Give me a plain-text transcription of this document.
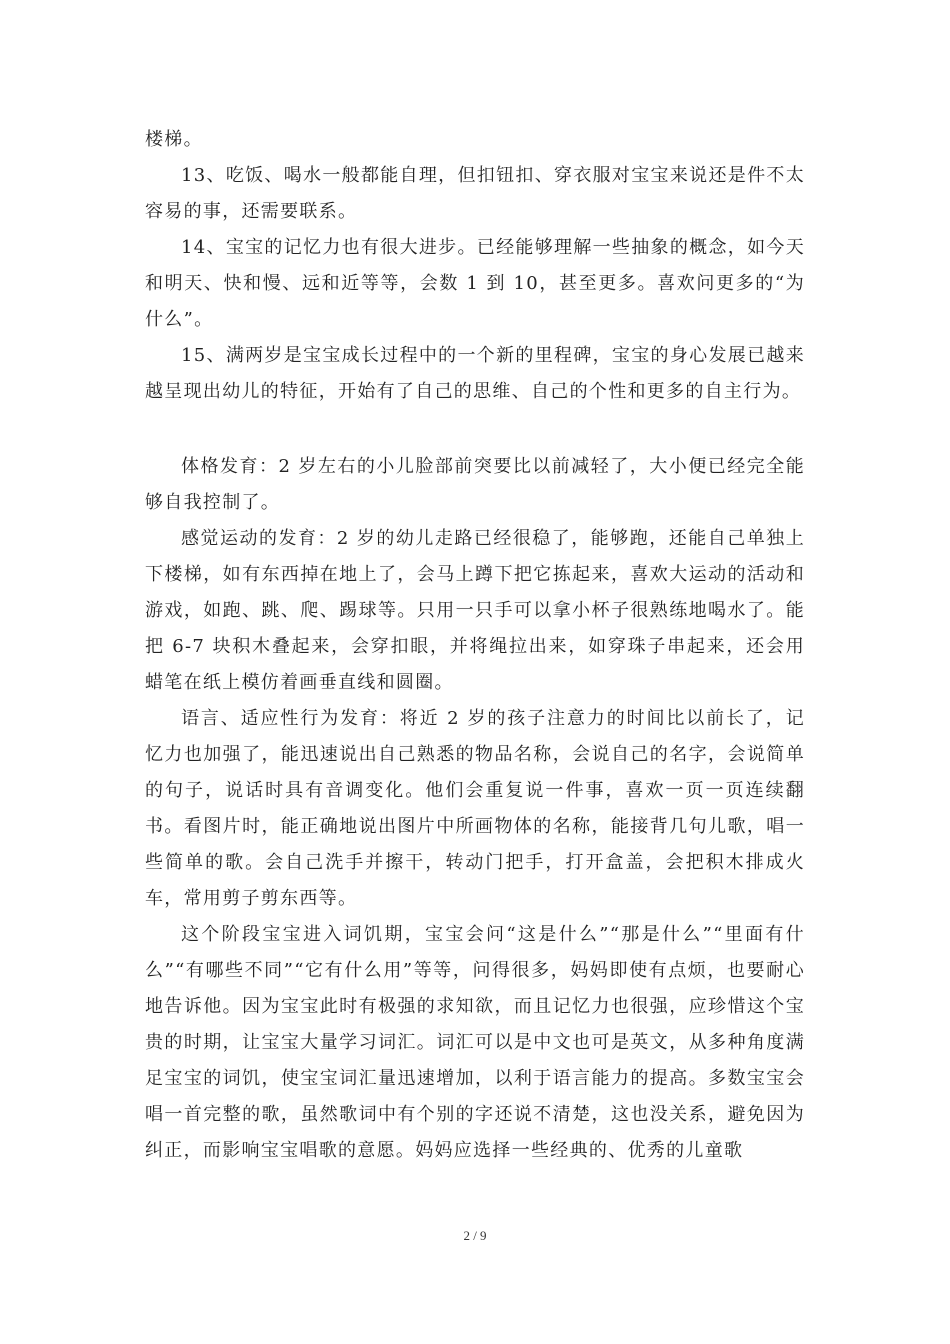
楼梯。

13、吃饭、喝水一般都能自理，但扣钮扣、穿衣服对宝宝来说还是件不太容易的事，还需要联系。

14、宝宝的记忆力也有很大进步。已经能够理解一些抽象的概念，如今天和明天、快和慢、远和近等等，会数 1 到 10，甚至更多。喜欢问更多的“为什么”。

15、满两岁是宝宝成长过程中的一个新的里程碑，宝宝的身心发展已越来越呈现出幼儿的特征，开始有了自己的思维、自己的个性和更多的自主行为。

体格发育：2 岁左右的小儿脸部前突要比以前减轻了，大小便已经完全能够自我控制了。

感觉运动的发育：2 岁的幼儿走路已经很稳了，能够跑，还能自己单独上下楼梯，如有东西掉在地上了，会马上蹲下把它拣起来，喜欢大运动的活动和游戏，如跑、跳、爬、踢球等。只用一只手可以拿小杯子很熟练地喝水了。能把 6-7 块积木叠起来，会穿扣眼，并将绳拉出来，如穿珠子串起来，还会用蜡笔在纸上模仿着画垂直线和圆圈。

语言、适应性行为发育：将近 2 岁的孩子注意力的时间比以前长了，记忆力也加强了，能迅速说出自己熟悉的物品名称，会说自己的名字，会说简单的句子，说话时具有音调变化。他们会重复说一件事，喜欢一页一页连续翻书。看图片时，能正确地说出图片中所画物体的名称，能接背几句儿歌，唱一些简单的歌。会自己洗手并擦干，转动门把手，打开盒盖，会把积木排成火车，常用剪子剪东西等。

这个阶段宝宝进入词饥期，宝宝会问“这是什么”“那是什么”“里面有什么”“有哪些不同”“它有什么用”等等，问得很多，妈妈即使有点烦，也要耐心地告诉他。因为宝宝此时有极强的求知欲，而且记忆力也很强，应珍惜这个宝贵的时期，让宝宝大量学习词汇。词汇可以是中文也可是英文，从多种角度满足宝宝的词饥，使宝宝词汇量迅速增加，以利于语言能力的提高。多数宝宝会唱一首完整的歌，虽然歌词中有个别的字还说不清楚，这也没关系，避免因为纠正，而影响宝宝唱歌的意愿。妈妈应选择一些经典的、优秀的儿童歌

2 / 9
